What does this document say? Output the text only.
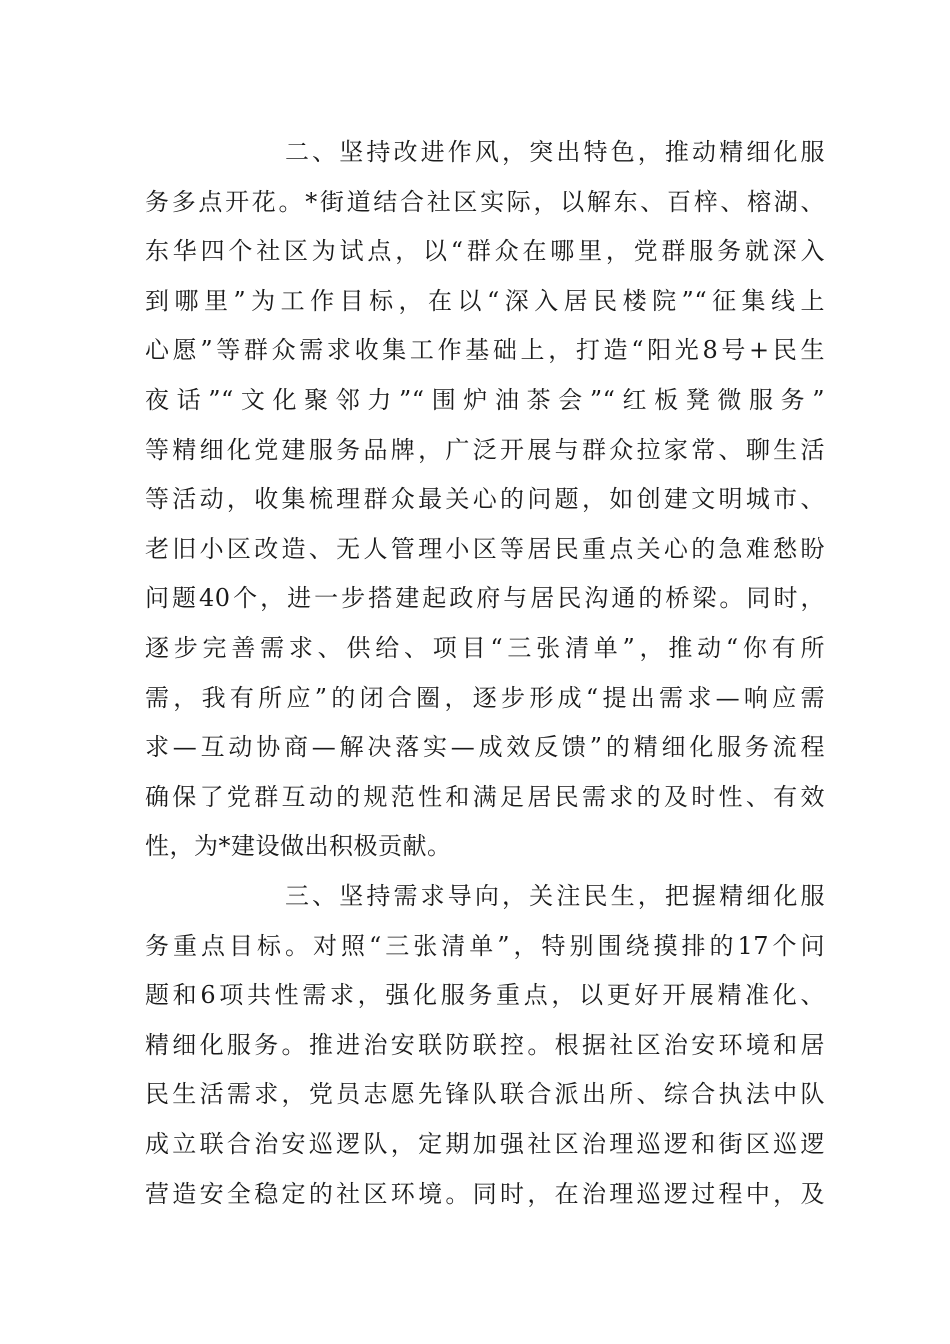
二、坚持改进作风，突出特色，推动精细化服
务多点开花。*街道结合社区实际，以解东、百梓、榕湖、
东华四个社区为试点，以“群众在哪里，党群服务就深入
到哪里”为工作目标，在以“深入居民楼院”“征集线上
心愿”等群众需求收集工作基础上，打造“阳光8号+民生
夜话”“文化聚邻力”“围炉油茶会”“红板凳微服务”
等精细化党建服务品牌，广泛开展与群众拉家常、聊生活
等活动，收集梳理群众最关心的问题，如创建文明城市、
老旧小区改造、无人管理小区等居民重点关心的急难愁盼
问题40个，进一步搭建起政府与居民沟通的桥梁。同时，
逐步完善需求、供给、项目“三张清单”，推动“你有所
需，我有所应”的闭合圈，逐步形成“提出需求—响应需
求—互动协商—解决落实—成效反馈”的精细化服务流程
确保了党群互动的规范性和满足居民需求的及时性、有效
性，为*建设做出积极贡献。
三、坚持需求导向，关注民生，把握精细化服
务重点目标。对照“三张清单”，特别围绕摸排的17个问
题和6项共性需求，强化服务重点，以更好开展精准化、
精细化服务。推进治安联防联控。根据社区治安环境和居
民生活需求，党员志愿先锋队联合派出所、综合执法中队
成立联合治安巡逻队，定期加强社区治理巡逻和街区巡逻
营造安全稳定的社区环境。同时，在治理巡逻过程中，及
